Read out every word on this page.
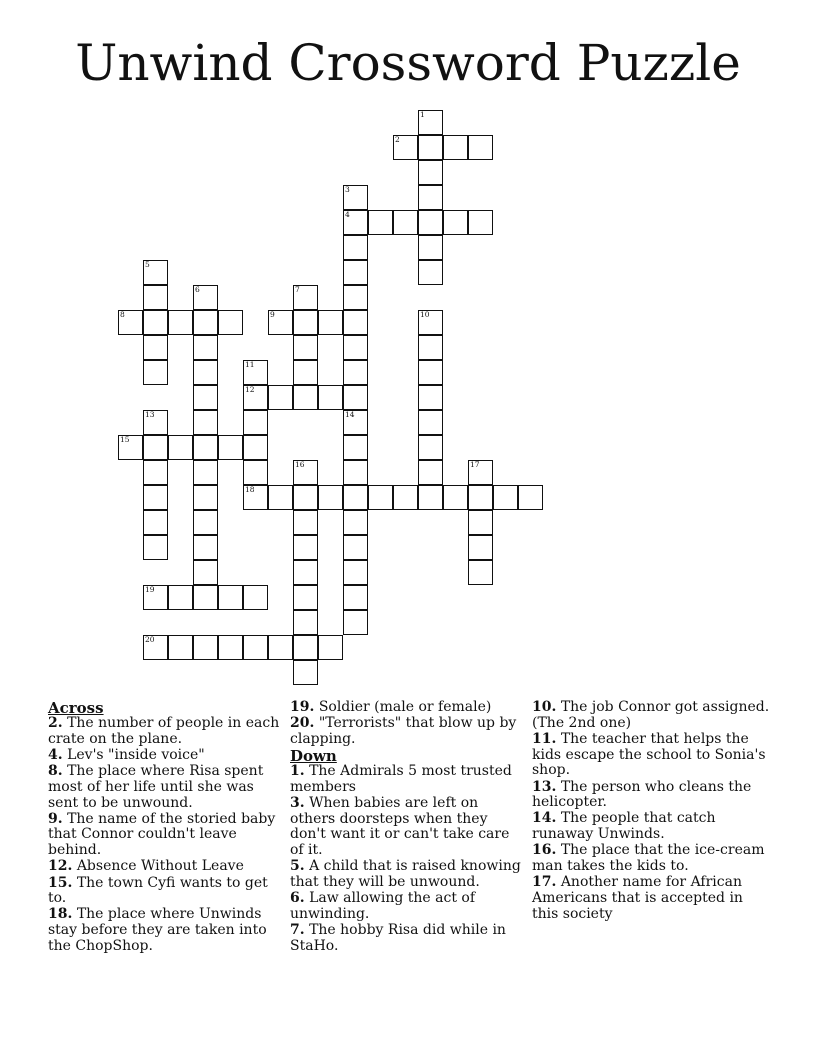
Unwind Crossword Puzzle
1
2
3
4
14
5
6	7
8	9	10
11
12
13
15
16	17
18
19
20
Across
2. The number of people in each crate on the plane.
4. Lev's "inside voice"
8. The place where Risa spent most of her life until she was sent to be unwound.
9. The name of the storied baby that Connor couldn't leave behind.
12. Absence Without Leave
15. The town Cyfi wants to get to.
18. The place where Unwinds stay before they are taken into the ChopShop.
19. Soldier (male or female)
20. "Terrorists" that blow up by clapping.
Down
1. The Admirals 5 most trusted members
3. When babies are left on others doorsteps when they don't want it or can't take care of it.
5. A child that is raised knowing that they will be unwound.
6. Law allowing the act of unwinding.
7. The hobby Risa did while in StaHo.
10. The job Connor got assigned. (The 2nd one)
11. The teacher that helps the kids escape the school to Sonia's shop.
13. The person who cleans the helicopter.
14. The people that catch runaway Unwinds.
16. The place that the ice-cream man takes the kids to.
17. Another name for African Americans that is accepted in this society
